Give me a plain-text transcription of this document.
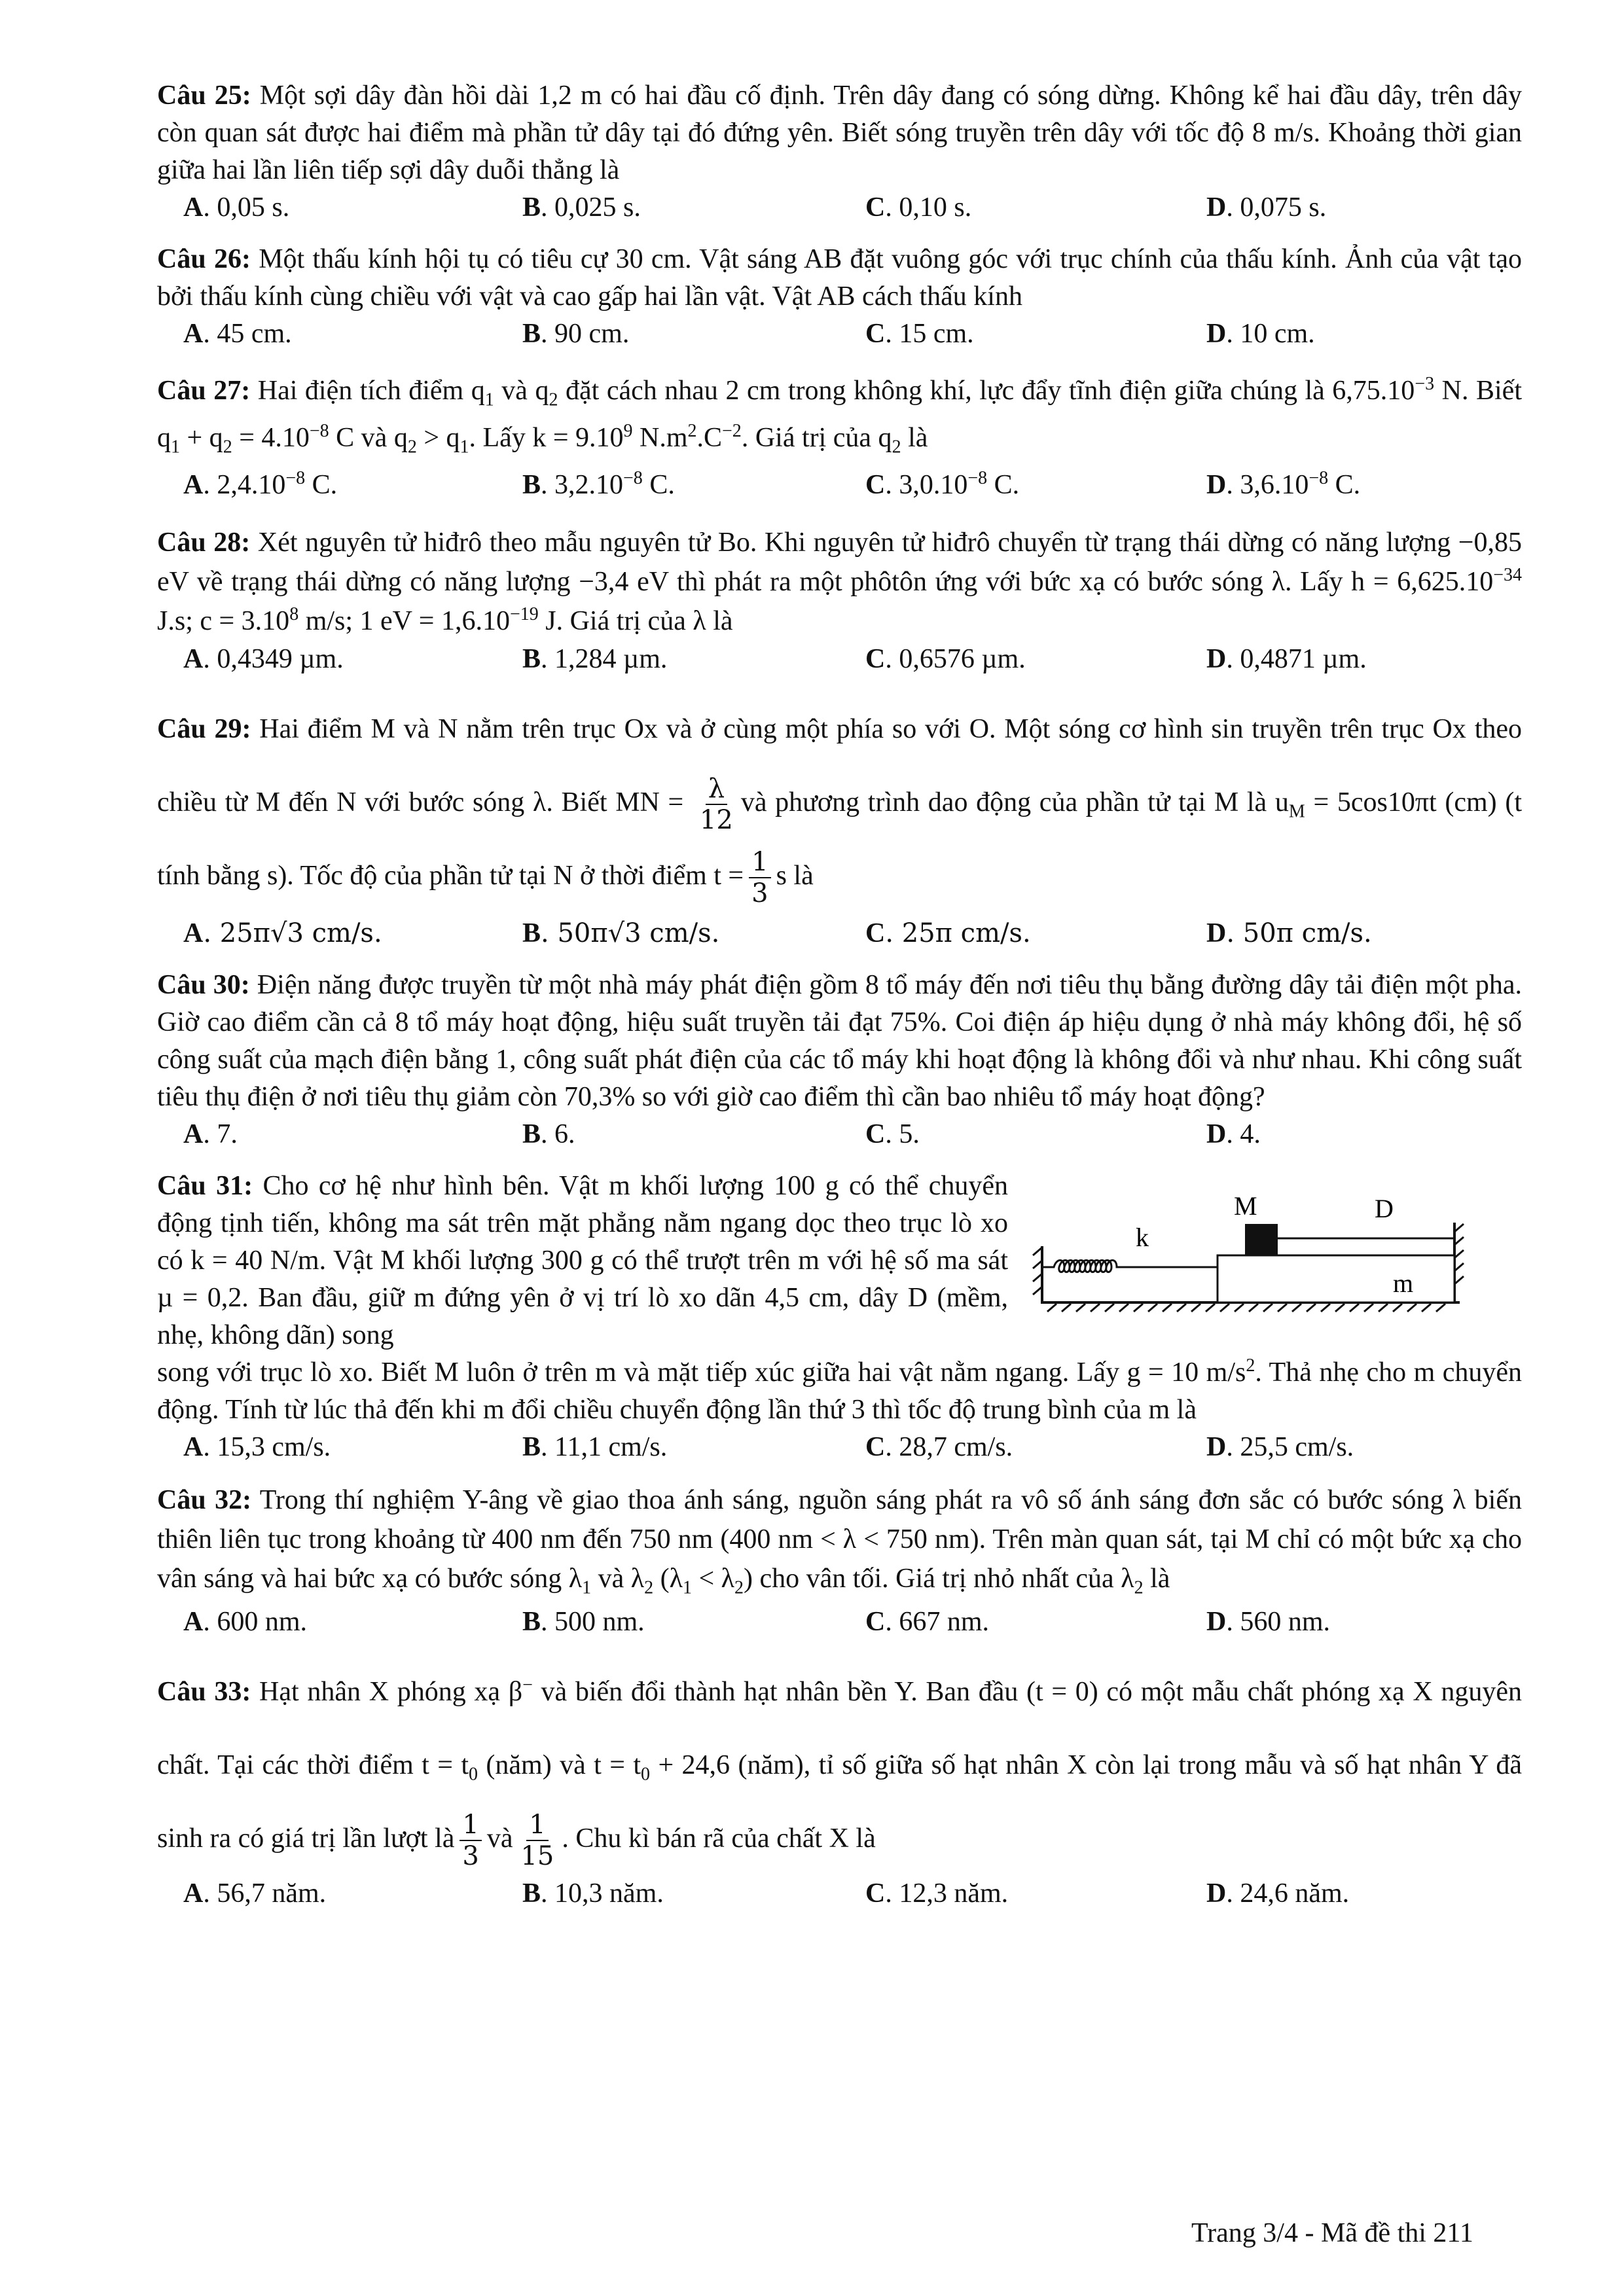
Câu 25: Một sợi dây đàn hồi dài 1,2 m có hai đầu cố định. Trên dây đang có sóng dừng. Không kể hai đầu dây, trên dây còn quan sát được hai điểm mà phần tử dây tại đó đứng yên. Biết sóng truyền trên dây với tốc độ 8 m/s. Khoảng thời gian giữa hai lần liên tiếp sợi dây duỗi thẳng là
A. 0,05 s.	B. 0,025 s.	C. 0,10 s.	D. 0,075 s.
Câu 26: Một thấu kính hội tụ có tiêu cự 30 cm. Vật sáng AB đặt vuông góc với trục chính của thấu kính. Ảnh của vật tạo bởi thấu kính cùng chiều với vật và cao gấp hai lần vật. Vật AB cách thấu kính
A. 45 cm.	B. 90 cm.	C. 15 cm.	D. 10 cm.
Câu 27: Hai điện tích điểm $q_1$ và $q_2$ đặt cách nhau 2 cm trong không khí, lực đẩy tĩnh điện giữa chúng là $6,75.10^{-3}$ N. Biết $q_1 + q_2 = 4.10^{-8}$ C và $q_2 > q_1$. Lấy $k = 9.10^9$ $N.m^2.C^{-2}$. Giá trị của $q_2$ là
A. $2,4.10^{-8}$ C.	B. $3,2.10^{-8}$ C.	C. $3,0.10^{-8}$ C.	D. $3,6.10^{-8}$ C.
Câu 28: Xét nguyên tử hiđrô theo mẫu nguyên tử Bo. Khi nguyên tử hiđrô chuyển từ trạng thái dừng có năng lượng −0,85 eV về trạng thái dừng có năng lượng −3,4 eV thì phát ra một phôtôn ứng với bức xạ có bước sóng λ. Lấy $h = 6,625.10^{-34}$ J.s; $c = 3.10^8$ m/s; 1 eV = $1,6.10^{-19}$ J. Giá trị của λ là
A. 0,4349 µm.	B. 1,284 µm.	C. 0,6576 µm.	D. 0,4871 µm.
Câu 29: Hai điểm M và N nằm trên trục Ox và ở cùng một phía so với O. Một sóng cơ hình sin truyền trên trục Ox theo chiều từ M đến N với bước sóng λ. Biết MN = $\frac{\lambda}{12}$ và phương trình dao động của phần tử tại M là $u_M = 5\cos 10\pi t$ (cm) (t tính bằng s). Tốc độ của phần tử tại N ở thời điểm $t = \frac{1}{3}$ s là
A. 25π√3 cm/s.	B. 50π√3 cm/s.	C. 25π cm/s.	D. 50π cm/s.
Câu 30: Điện năng được truyền từ một nhà máy phát điện gồm 8 tổ máy đến nơi tiêu thụ bằng đường dây tải điện một pha. Giờ cao điểm cần cả 8 tổ máy hoạt động, hiệu suất truyền tải đạt 75%. Coi điện áp hiệu dụng ở nhà máy không đổi, hệ số công suất của mạch điện bằng 1, công suất phát điện của các tổ máy khi hoạt động là không đổi và như nhau. Khi công suất tiêu thụ điện ở nơi tiêu thụ giảm còn 70,3% so với giờ cao điểm thì cần bao nhiêu tổ máy hoạt động?
A. 7.	B. 6.	C. 5.	D. 4.
Câu 31: Cho cơ hệ như hình bên. Vật m khối lượng 100 g có thể chuyển động tịnh tiến, không ma sát trên mặt phẳng nằm ngang dọc theo trục lò xo có k = 40 N/m. Vật M khối lượng 300 g có thể trượt trên m với hệ số ma sát µ = 0,2. Ban đầu, giữ m đứng yên ở vị trí lò xo dãn 4,5 cm, dây D (mềm, nhẹ, không dãn) song
song với trục lò xo. Biết M luôn ở trên m và mặt tiếp xúc giữa hai vật nằm ngang. Lấy g = 10 $m/s^2$. Thả nhẹ cho m chuyển động. Tính từ lúc thả đến khi m đổi chiều chuyển động lần thứ 3 thì tốc độ trung bình của m là
M	D
k
m
A. 15,3 cm/s.	B. 11,1 cm/s.	C. 28,7 cm/s.	D. 25,5 cm/s.
Câu 32: Trong thí nghiệm Y-âng về giao thoa ánh sáng, nguồn sáng phát ra vô số ánh sáng đơn sắc có bước sóng λ biến thiên liên tục trong khoảng từ 400 nm đến 750 nm (400 nm < λ < 750 nm). Trên màn quan sát, tại M chỉ có một bức xạ cho vân sáng và hai bức xạ có bước sóng $\lambda_1$ và $\lambda_2$ $(\lambda_1 < \lambda_2)$ cho vân tối. Giá trị nhỏ nhất của $\lambda_2$ là
A. 600 nm.	B. 500 nm.	C. 667 nm.	D. 560 nm.
Câu 33: Hạt nhân X phóng xạ β− và biến đổi thành hạt nhân bền Y. Ban đầu (t = 0) có một mẫu chất phóng xạ X nguyên chất. Tại các thời điểm $t = t_0$ (năm) và $t = t_0 + 24,6$ (năm), tỉ số giữa số hạt nhân X còn lại trong mẫu và số hạt nhân Y đã sinh ra có giá trị lần lượt là $\frac{1}{3}$ và $\frac{1}{15}$ . Chu kì bán rã của chất X là
A. 56,7 năm.	B. 10,3 năm.	C. 12,3 năm.	D. 24,6 năm.
Trang 3/4 - Mã đề thi 211
